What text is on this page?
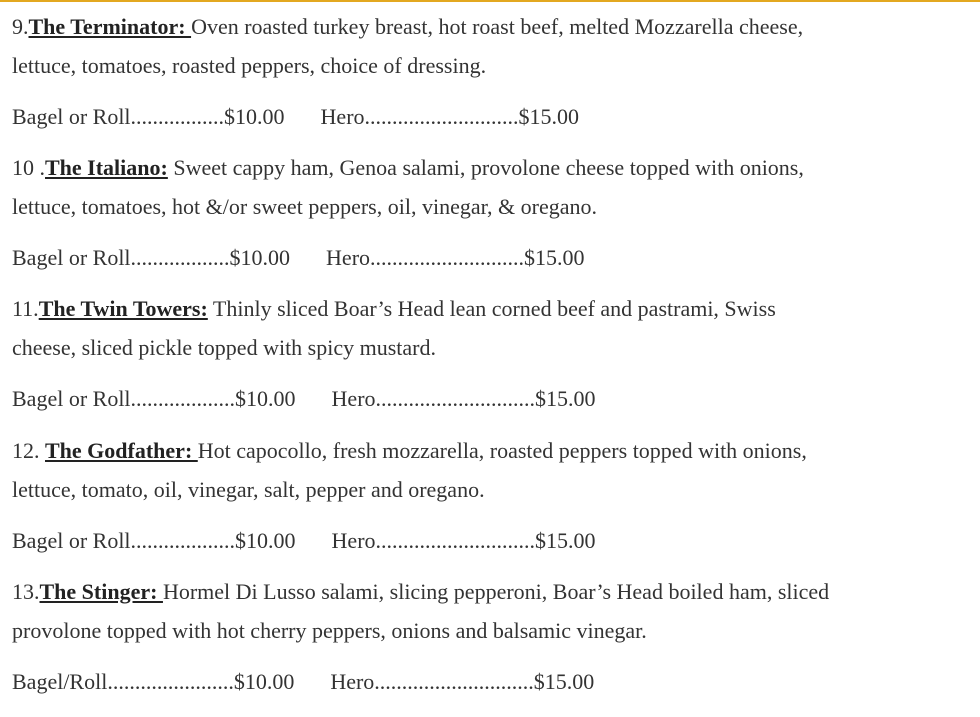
9.The Terminator: Oven roasted turkey breast, hot roast beef, melted Mozzarella cheese,
lettuce, tomatoes, roasted peppers, choice of dressing.
Bagel or Roll.................$10.00 Hero............................$15.00
10 .The Italiano: Sweet cappy ham, Genoa salami, provolone cheese topped with onions,
lettuce, tomatoes, hot &/or sweet peppers, oil, vinegar, & oregano.
Bagel or Roll..................$10.00 Hero............................$15.00
11.The Twin Towers: Thinly sliced Boar’s Head lean corned beef and pastrami, Swiss
cheese, sliced pickle topped with spicy mustard.
Bagel or Roll...................$10.00 Hero.............................$15.00
12. The Godfather: Hot capocollo, fresh mozzarella, roasted peppers topped with onions,
lettuce, tomato, oil, vinegar, salt, pepper and oregano.
Bagel or Roll...................$10.00 Hero.............................$15.00
13.The Stinger: Hormel Di Lusso salami, slicing pepperoni, Boar’s Head boiled ham, sliced
provolone topped with hot cherry peppers, onions and balsamic vinegar.
Bagel/Roll.......................$10.00 Hero.............................$15.00
